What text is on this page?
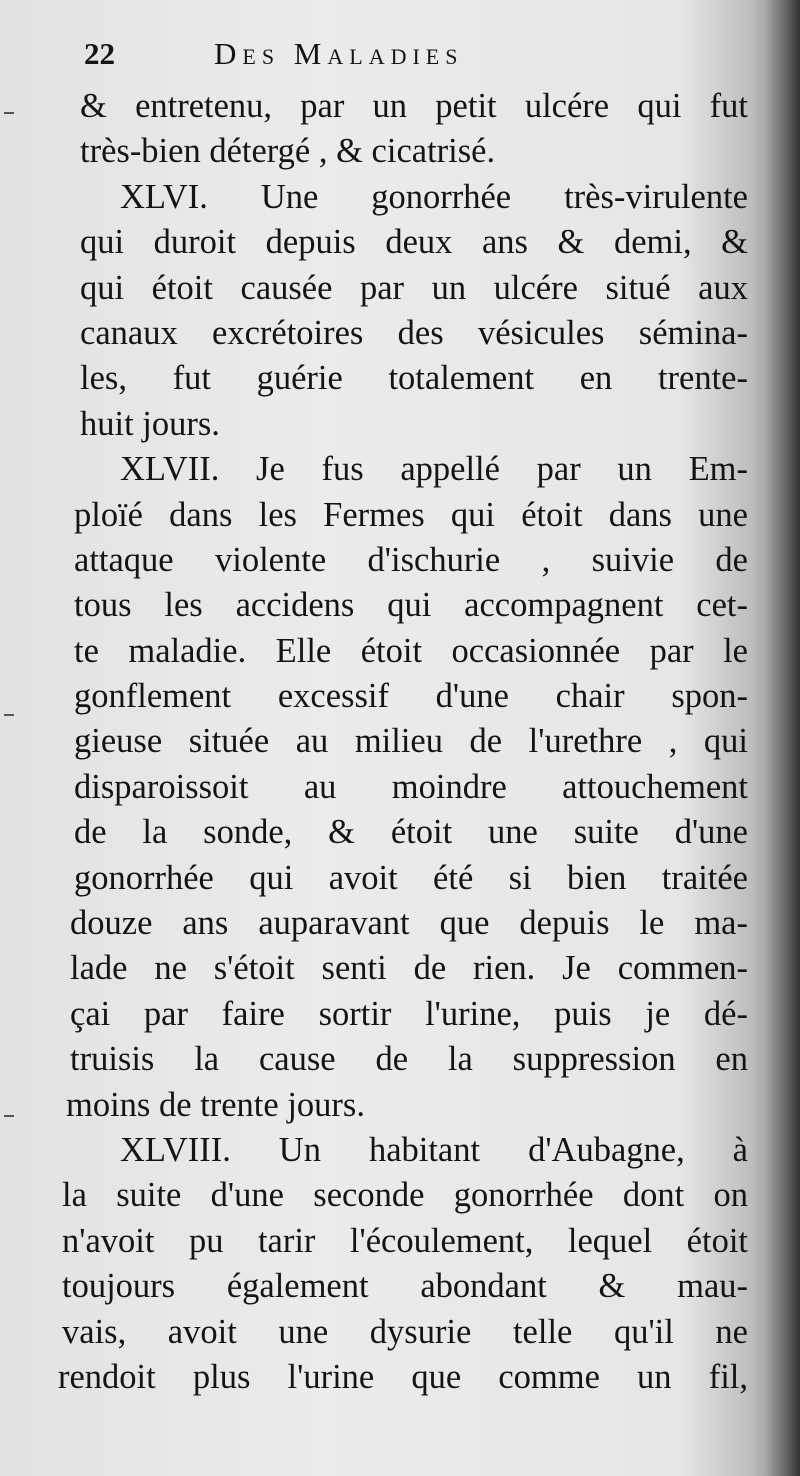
22	Des Maladies
& entretenu, par un petit ulcére qui fut
très-bien détergé , & cicatrisé.
XLVI. Une gonorrhée très-virulente
qui duroit depuis deux ans & demi, &
qui étoit causée par un ulcére situé aux
canaux excrétoires des vésicules sémina-
les, fut guérie totalement en trente-
huit jours.
XLVII. Je fus appellé par un Em-
ploïé dans les Fermes qui étoit dans une
attaque violente d'ischurie , suivie de
tous les accidens qui accompagnent cet-
te maladie. Elle étoit occasionnée par le
gonflement excessif d'une chair spon-
gieuse située au milieu de l'urethre , qui
disparoissoit au moindre attouchement
de la sonde, & étoit une suite d'une
gonorrhée qui avoit été si bien traitée
douze ans auparavant que depuis le ma-
lade ne s'étoit senti de rien. Je commen-
çai par faire sortir l'urine, puis je dé-
truisis la cause de la suppression en
moins de trente jours.
XLVIII. Un habitant d'Aubagne, à
la suite d'une seconde gonorrhée dont on
n'avoit pu tarir l'écoulement, lequel étoit
toujours également abondant & mau-
vais, avoit une dysurie telle qu'il ne
rendoit plus l'urine que comme un fil,
